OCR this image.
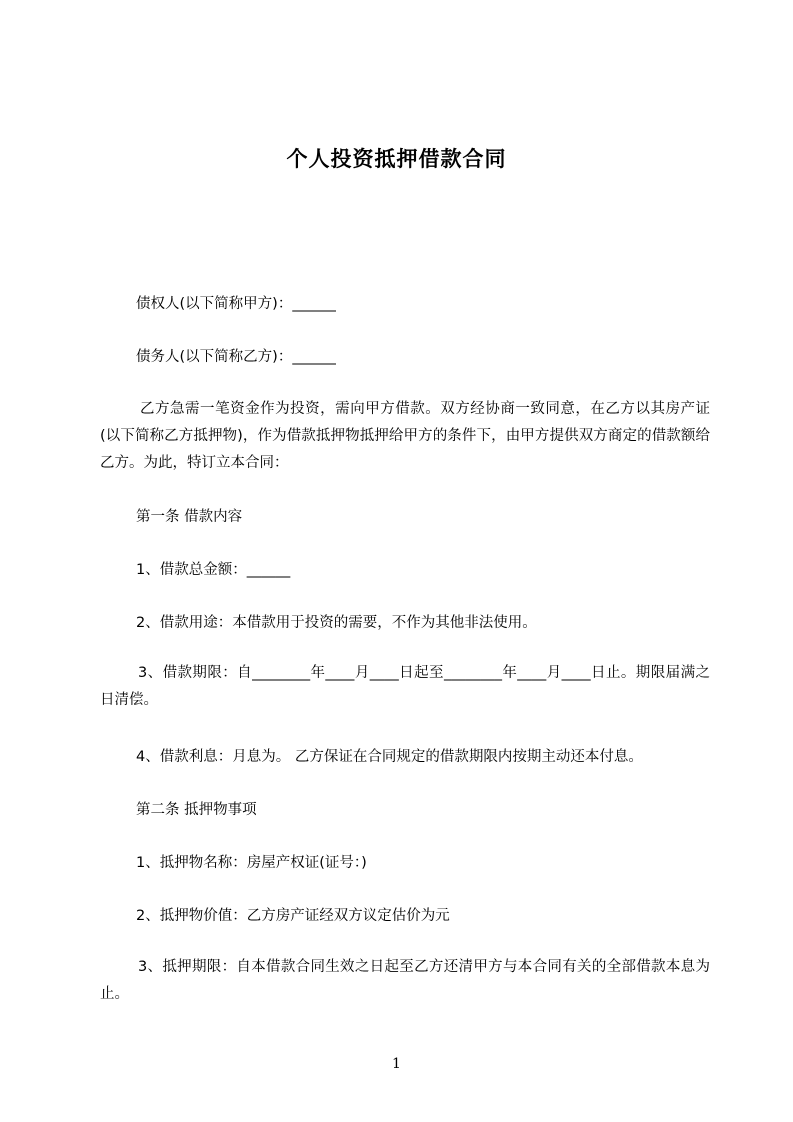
个人投资抵押借款合同
债权人(以下简称甲方)：______
债务人(以下简称乙方)：______
乙方急需一笔资金作为投资，需向甲方借款。双方经协商一致同意，在乙方以其房产证(以下简称乙方抵押物)，作为借款抵押物抵押给甲方的条件下，由甲方提供双方商定的借款额给乙方。为此，特订立本合同：
第一条 借款内容
1、借款总金额：______
2、借款用途：本借款用于投资的需要，不作为其他非法使用。
3、借款期限：自________年____月____日起至________年____月____日止。期限届满之日清偿。
4、借款利息：月息为。 乙方保证在合同规定的借款期限内按期主动还本付息。
第二条 抵押物事项
1、抵押物名称：房屋产权证(证号：)
2、抵押物价值：乙方房产证经双方议定估价为元
3、抵押期限：自本借款合同生效之日起至乙方还清甲方与本合同有关的全部借款本息为止。
1
